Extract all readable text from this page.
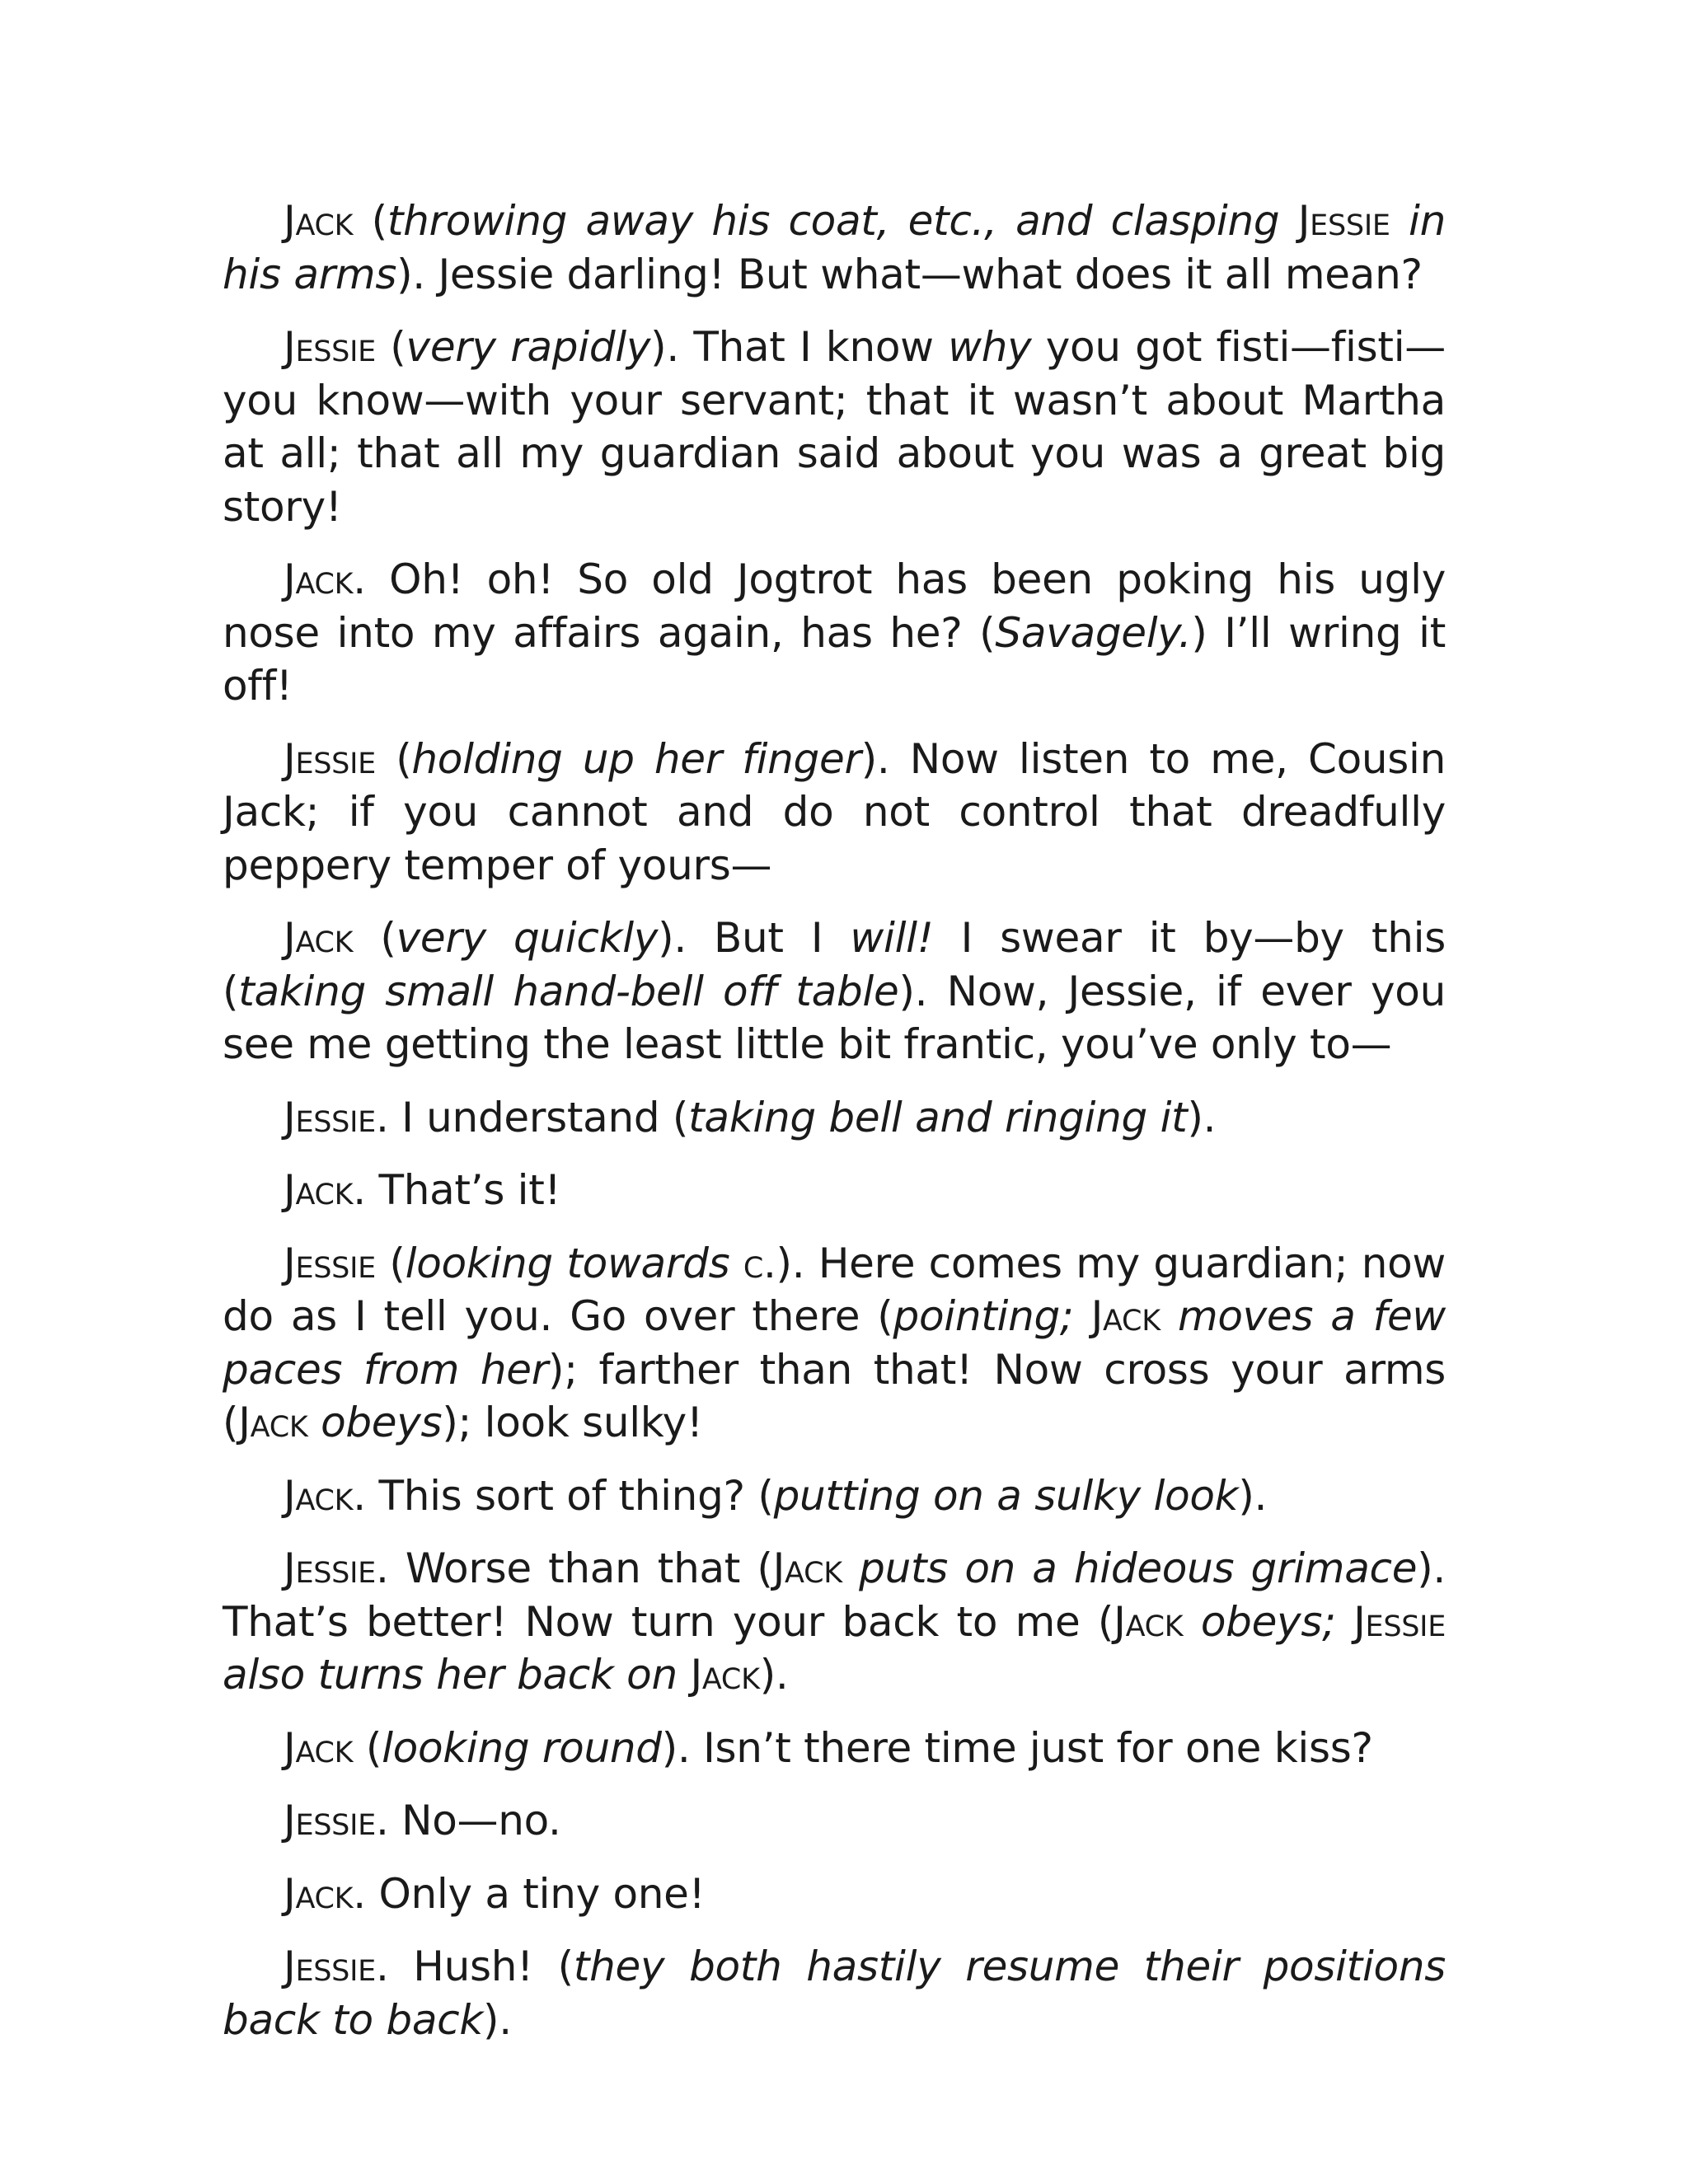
Jack (throwing away his coat, etc., and clasping Jessie in his arms). Jessie darling! But what—what does it all mean?

Jessie (very rapidly). That I know why you got fisti—fisti—you know—with your servant; that it wasn’t about Martha at all; that all my guardian said about you was a great big story!

Jack. Oh! oh! So old Jogtrot has been poking his ugly nose into my affairs again, has he? (Savagely.) I’ll wring it off!

Jessie (holding up her finger). Now listen to me, Cousin Jack; if you cannot and do not control that dreadfully peppery temper of yours—

Jack (very quickly). But I will! I swear it by—by this (taking small hand-bell off table). Now, Jessie, if ever you see me getting the least little bit frantic, you’ve only to—

Jessie. I understand (taking bell and ringing it).

Jack. That’s it!

Jessie (looking towards c.). Here comes my guardian; now do as I tell you. Go over there (pointing; Jack moves a few paces from her); farther than that! Now cross your arms (Jack obeys); look sulky!

Jack. This sort of thing? (putting on a sulky look).

Jessie. Worse than that (Jack puts on a hideous grimace). That’s better! Now turn your back to me (Jack obeys; Jessie also turns her back on Jack).

Jack (looking round). Isn’t there time just for one kiss?

Jessie. No—no.

Jack. Only a tiny one!

Jessie. Hush! (they both hastily resume their positions back to back).
